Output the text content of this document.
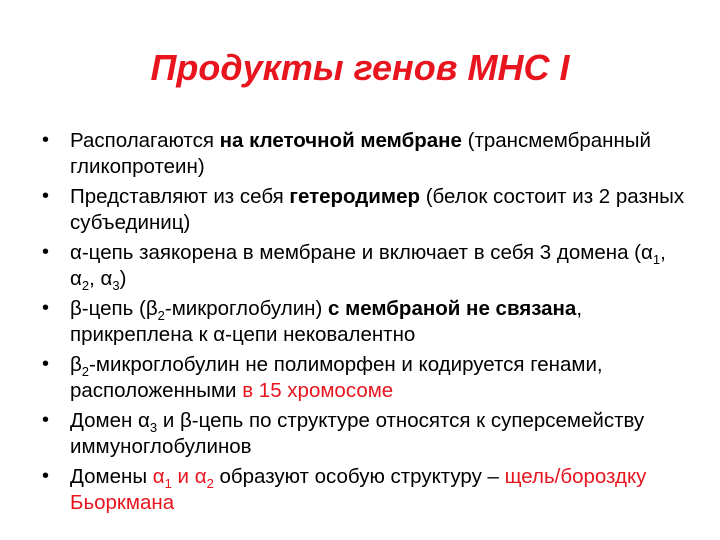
Продукты генов МНС I
• Располагаются на клеточной мембране (трансмембранный гликопротеин)
• Представляют из себя гетеродимер (белок состоит из 2 разных субъединиц)
• α-цепь заякорена в мембране и включает в себя 3 домена ($\alpha_1$, $\alpha_2$, $\alpha_3$)
• β-цепь $(\beta_2-микроглобулин)$ с мембраной не связана, прикреплена к α-цепи нековалентно
• $\beta_2$-микроглобулин не полиморфен и кодируется генами, расположенными в 15 хромосоме
• Домен $\alpha_3$ и β-цепь по структуре относятся к суперсемейству иммуноглобулинов
• Домены $\alpha_1$ и $\alpha_2$ образуют особую структуру – щель/бороздку Бьоркмана
